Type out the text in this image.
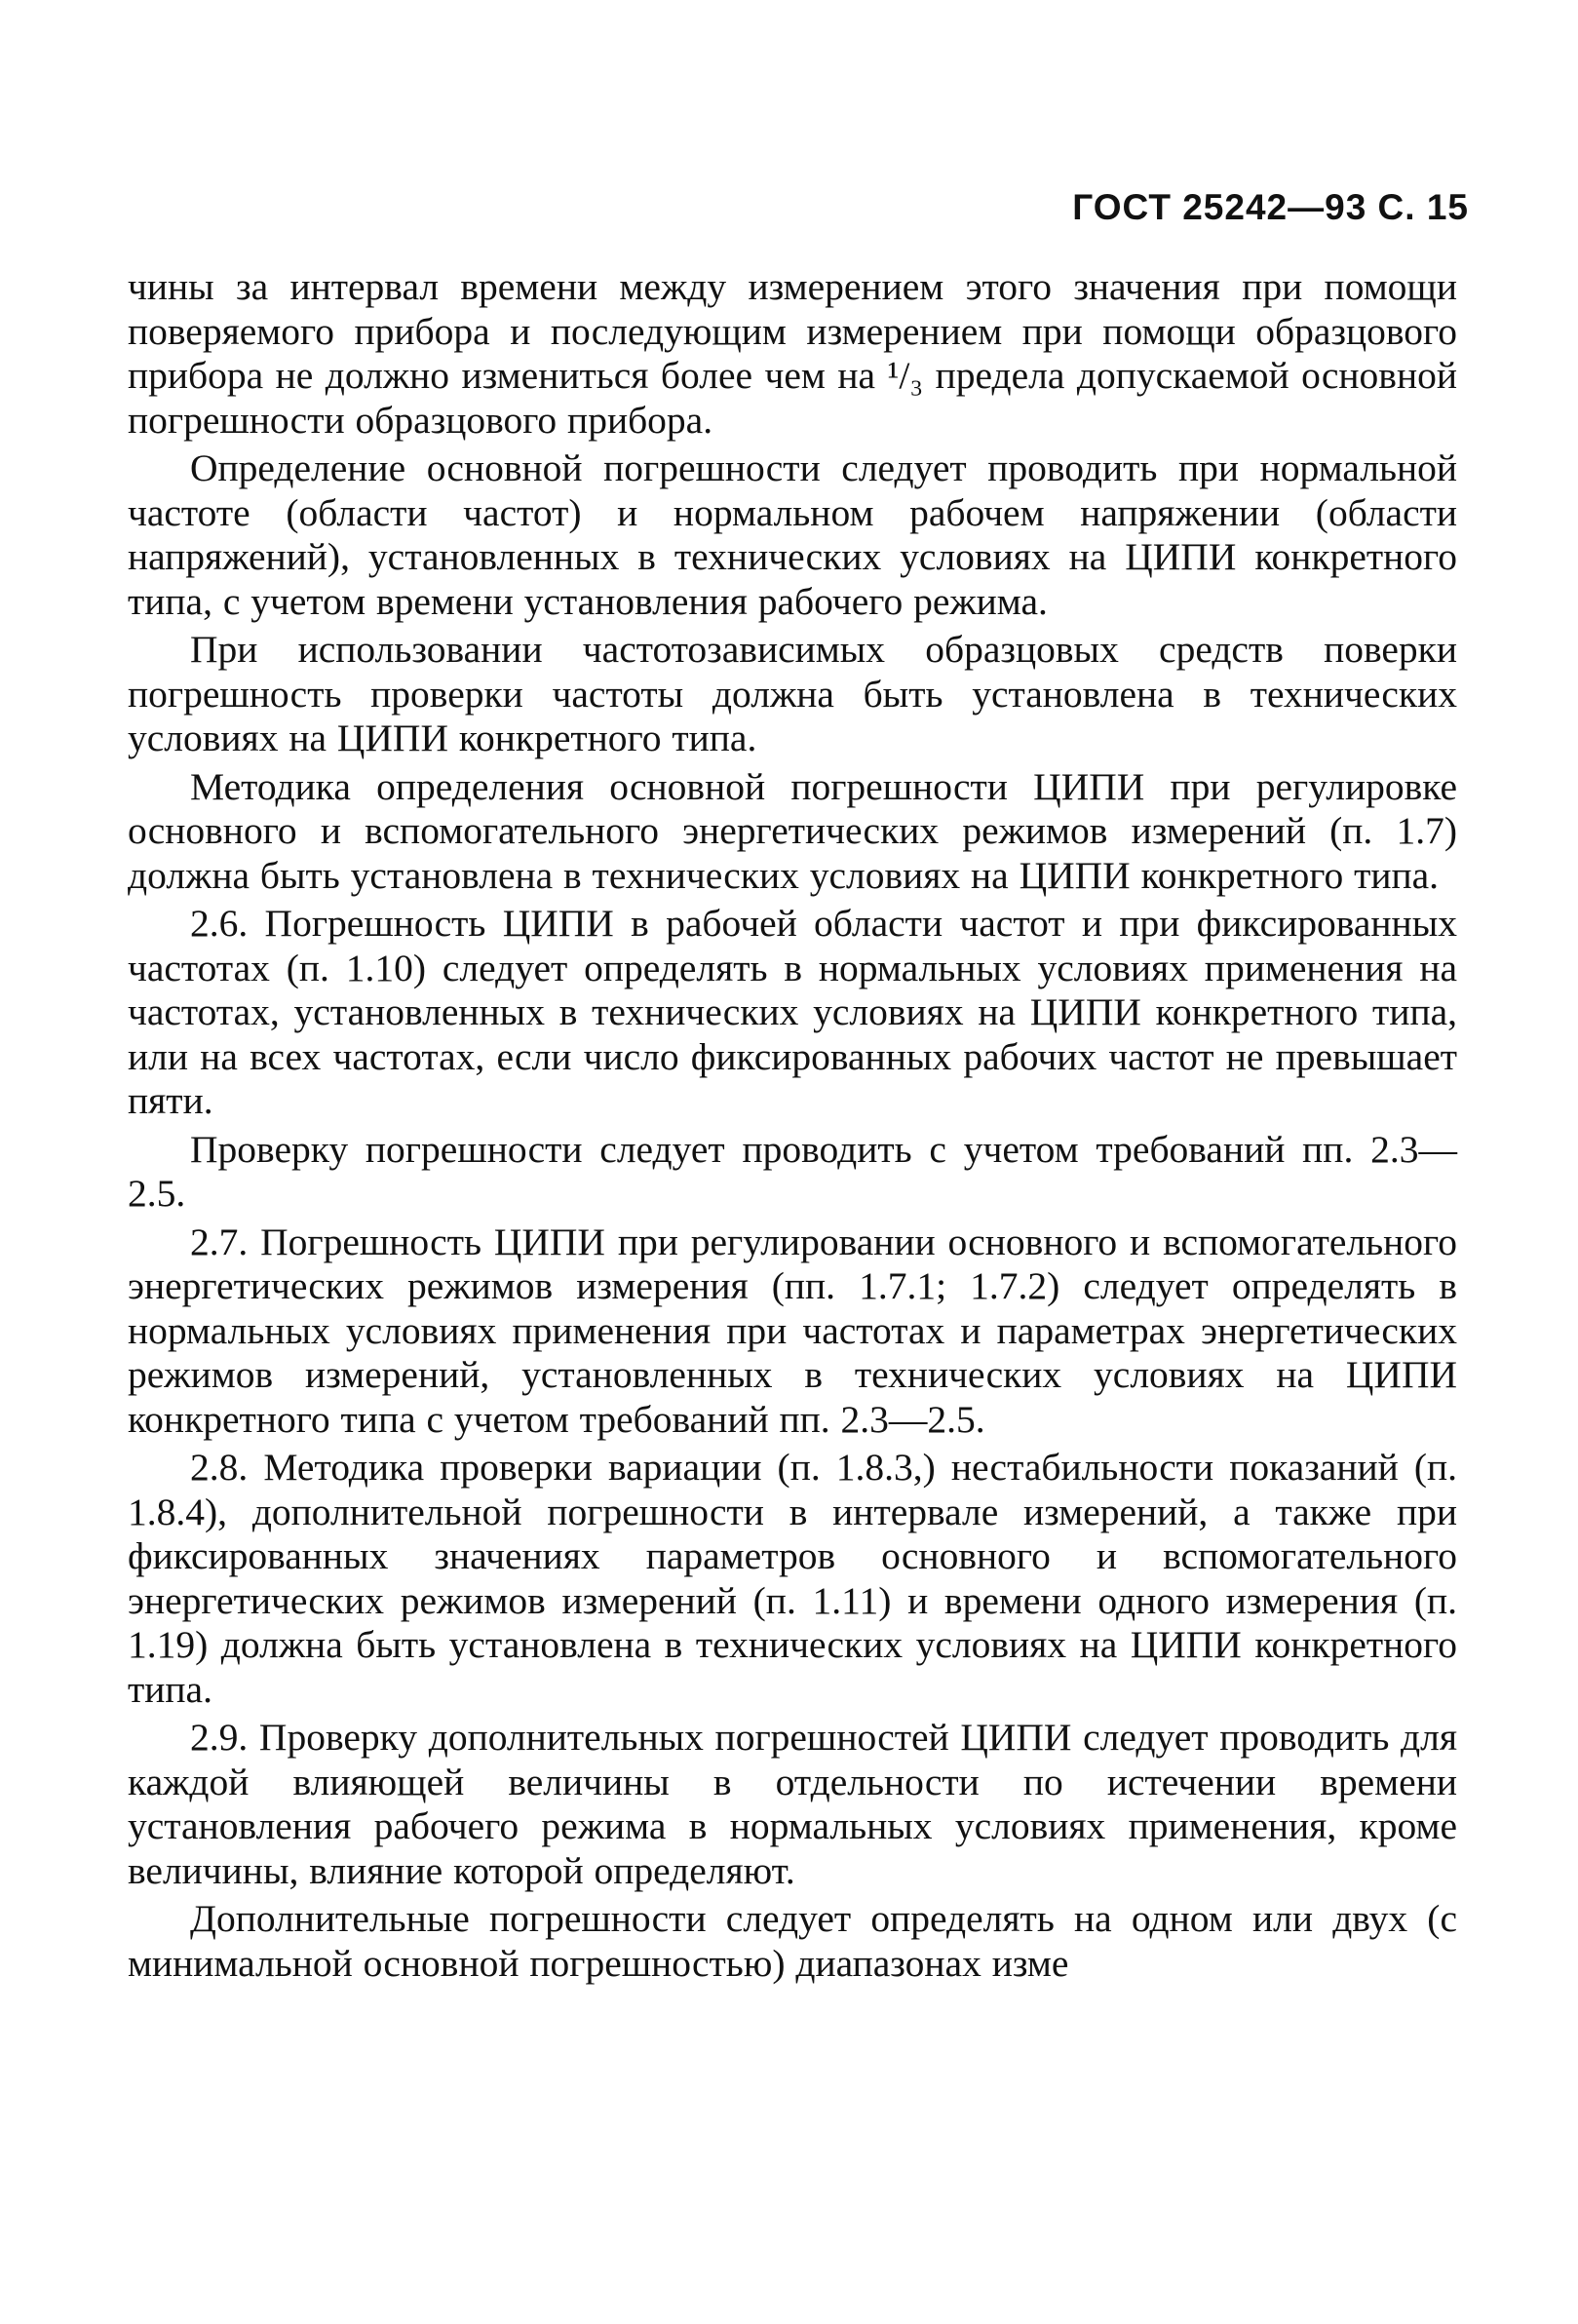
ГОСТ 25242—93 С. 15

чины за интервал времени между измерением этого значения при помощи поверяемого прибора и последующим измерением при помощи образцового прибора не должно измениться более чем на ¹/₃ предела допускаемой основной погрешности образцового прибора.

Определение основной погрешности следует проводить при нормальной частоте (области частот) и нормальном рабочем напряжении (области напряжений), установленных в технических условиях на ЦИПИ конкретного типа, с учетом времени установления рабочего режима.

При использовании частотозависимых образцовых средств поверки погрешность проверки частоты должна быть установлена в технических условиях на ЦИПИ конкретного типа.

Методика определения основной погрешности ЦИПИ при регулировке основного и вспомогательного энергетических режимов измерений (п. 1.7) должна быть установлена в технических условиях на ЦИПИ конкретного типа.

2.6. Погрешность ЦИПИ в рабочей области частот и при фиксированных частотах (п. 1.10) следует определять в нормальных условиях применения на частотах, установленных в технических условиях на ЦИПИ конкретного типа, или на всех частотах, если число фиксированных рабочих частот не превышает пяти.

Проверку погрешности следует проводить с учетом требований пп. 2.3—2.5.

2.7. Погрешность ЦИПИ при регулировании основного и вспомогательного энергетических режимов измерения (пп. 1.7.1; 1.7.2) следует определять в нормальных условиях применения при частотах и параметрах энергетических режимов измерений, установленных в технических условиях на ЦИПИ конкретного типа с учетом требований пп. 2.3—2.5.

2.8. Методика проверки вариации (п. 1.8.3,) нестабильности показаний (п. 1.8.4), дополнительной погрешности в интервале измерений, а также при фиксированных значениях параметров основного и вспомогательного энергетических режимов измерений (п. 1.11) и времени одного измерения (п. 1.19) должна быть установлена в технических условиях на ЦИПИ конкретного типа.

2.9. Проверку дополнительных погрешностей ЦИПИ следует проводить для каждой влияющей величины в отдельности по истечении времени установления рабочего режима в нормальных условиях применения, кроме величины, влияние которой определяют.

Дополнительные погрешности следует определять на одном или двух (с минимальной основной погрешностью) диапазонах изме
